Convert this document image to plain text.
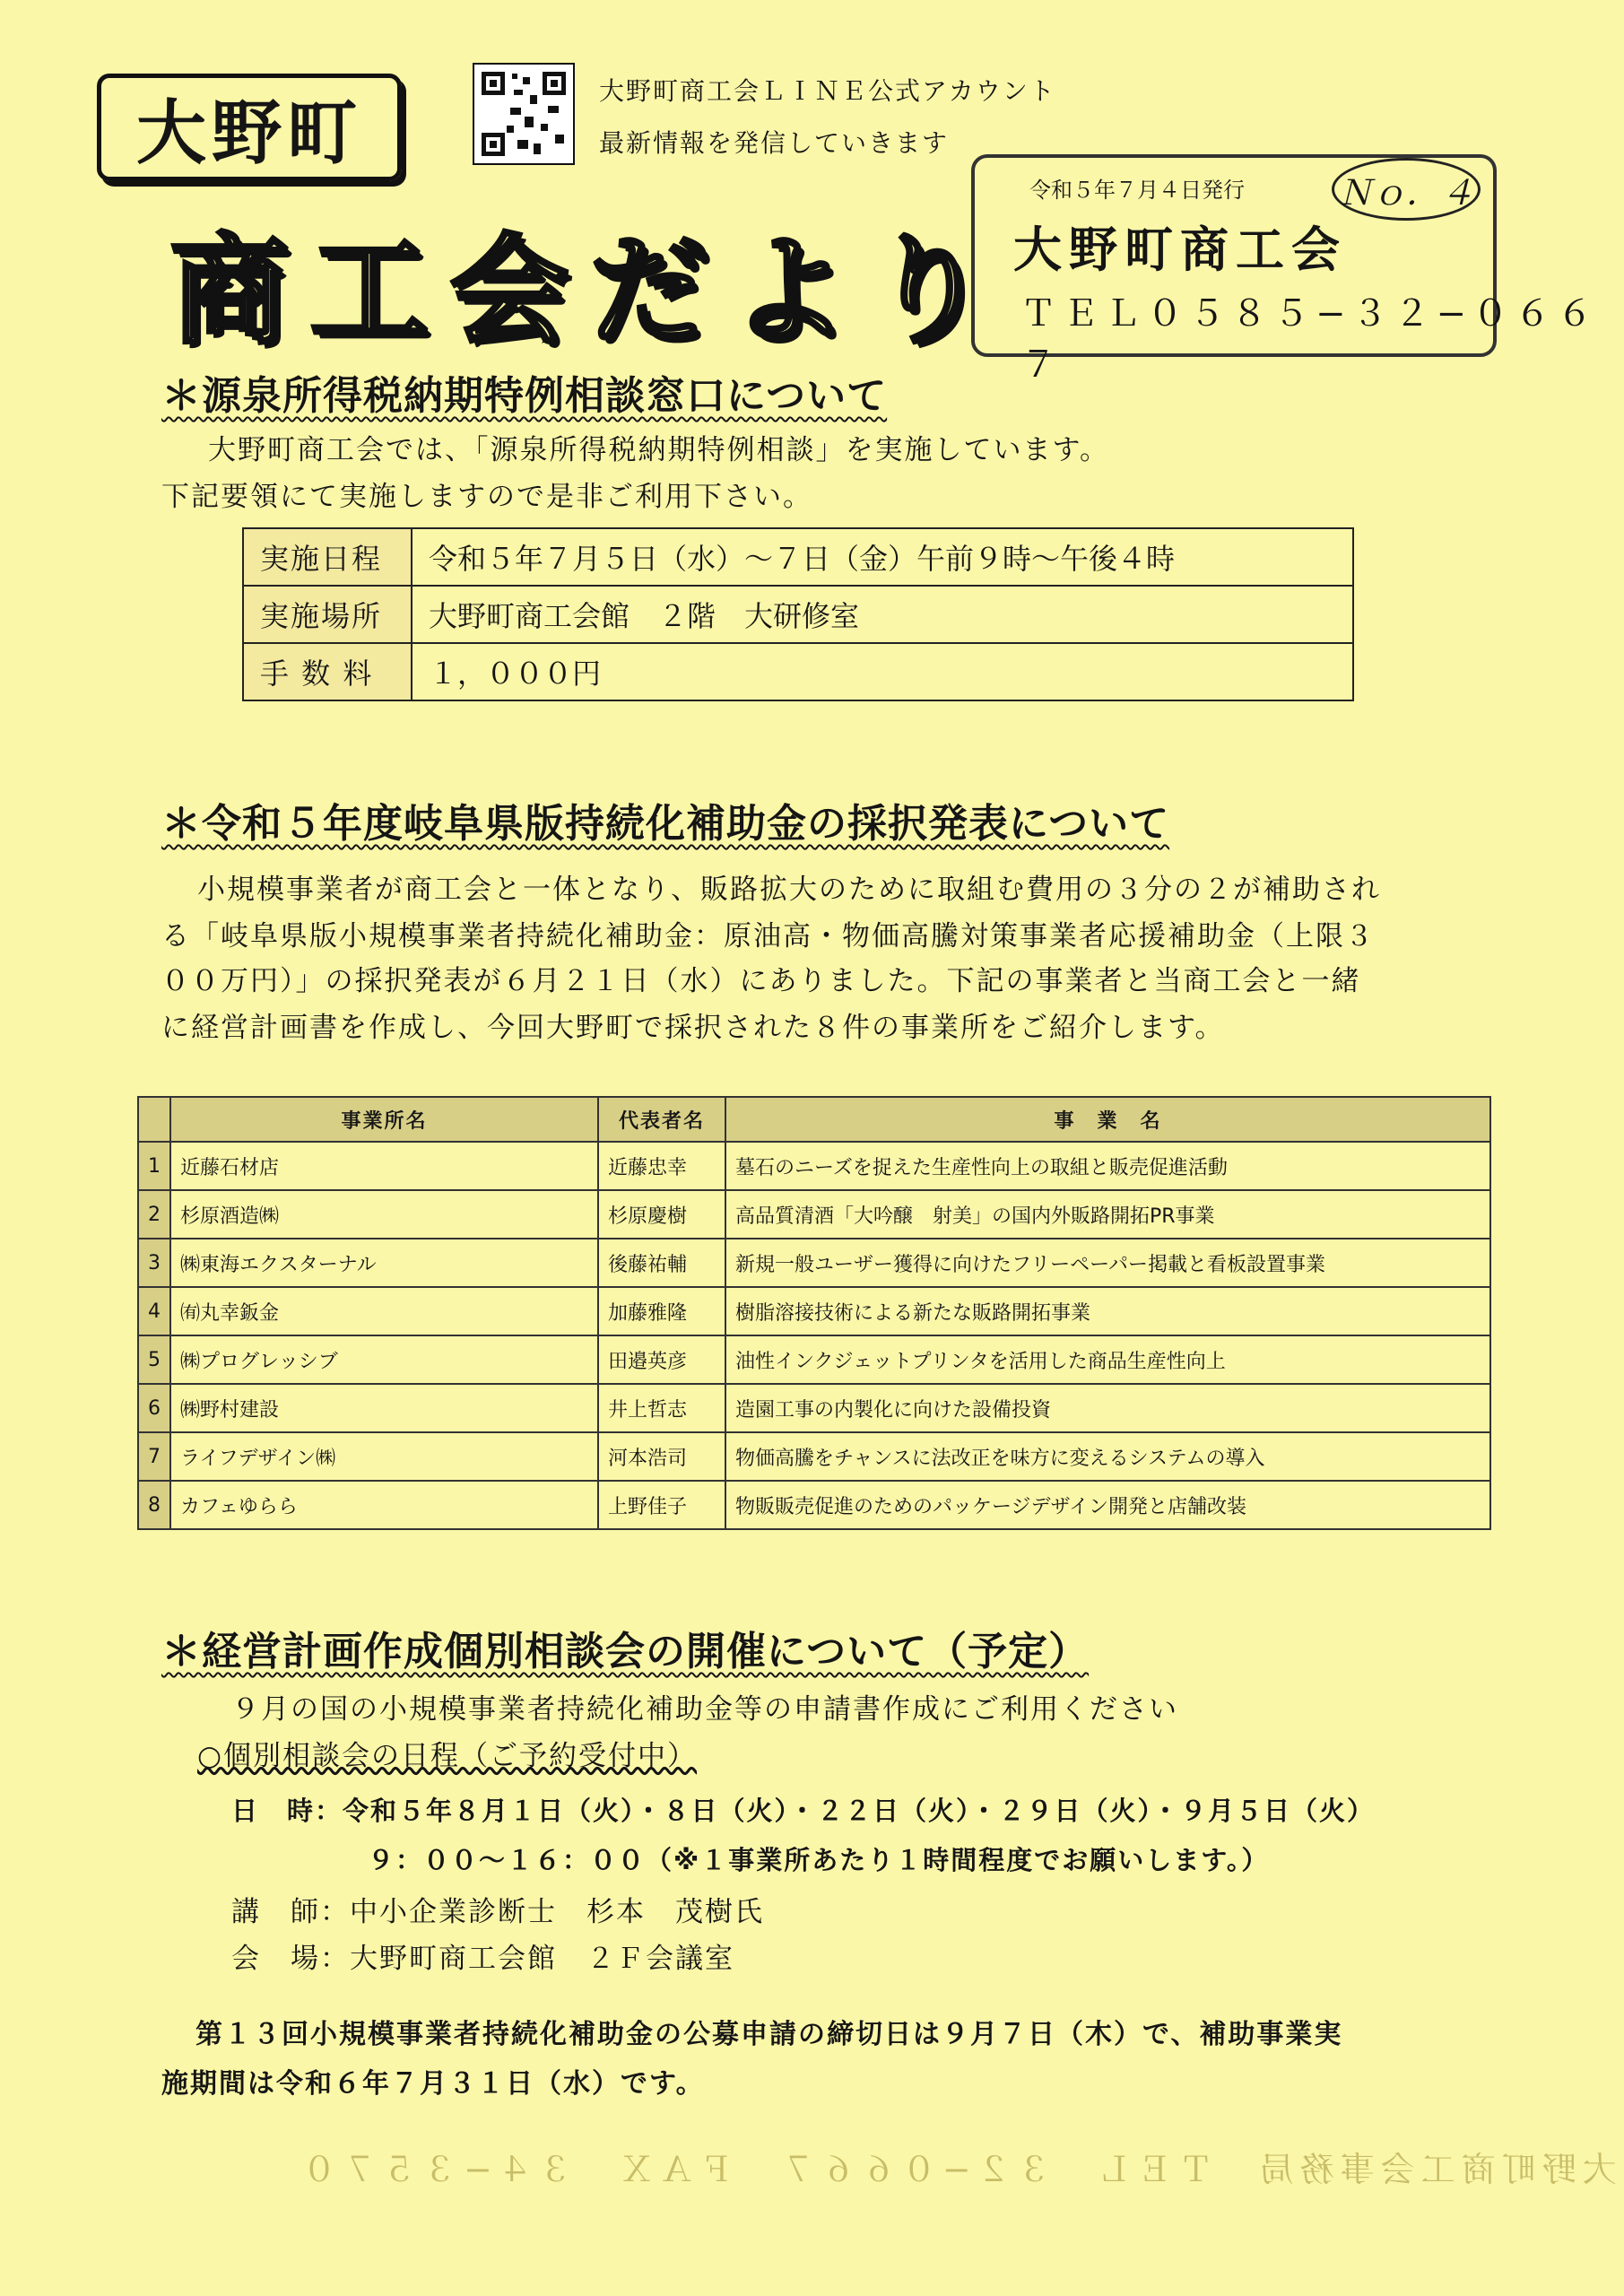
大野町
商工会だより
大野町商工会ＬＩＮＥ公式アカウント
最新情報を発信していきます
令和５年７月４日発行	Ｎｏ．４
大野町商工会
ＴＥＬ０５８５−３２−０６６７
＊源泉所得税納期特例相談窓口について
大野町商工会では、「源泉所得税納期特例相談」を実施しています。
下記要領にて実施しますので是非ご利用下さい。
実施日程	令和５年７月５日（水）〜７日（金）午前９時〜午後４時
実施場所	大野町商工会館　２階　大研修室
手 数 料	１，０００円
＊令和５年度岐阜県版持続化補助金の採択発表について
小規模事業者が商工会と一体となり、販路拡大のために取組む費用の３分の２が補助され
る「岐阜県版小規模事業者持続化補助金：原油高・物価高騰対策事業者応援補助金（上限３
００万円）」の採択発表が６月２１日（水）にありました。下記の事業者と当商工会と一緒
に経営計画書を作成し、今回大野町で採択された８件の事業所をご紹介します。
	事業所名	代表者名	事　業　名
1	近藤石材店	近藤忠幸	墓石のニーズを捉えた生産性向上の取組と販売促進活動
2	杉原酒造㈱	杉原慶樹	高品質清酒「大吟醸　射美」の国内外販路開拓PR事業
3	㈱東海エクスターナル	後藤祐輔	新規一般ユーザー獲得に向けたフリーペーパー掲載と看板設置事業
4	㈲丸幸鈑金	加藤雅隆	樹脂溶接技術による新たな販路開拓事業
5	㈱プログレッシブ	田邉英彦	油性インクジェットプリンタを活用した商品生産性向上
6	㈱野村建設	井上哲志	造園工事の内製化に向けた設備投資
7	ライフデザイン㈱	河本浩司	物価高騰をチャンスに法改正を味方に変えるシステムの導入
8	カフェゆらら	上野佳子	物販販売促進のためのパッケージデザイン開発と店舗改装
＊経営計画作成個別相談会の開催について（予定）
９月の国の小規模事業者持続化補助金等の申請書作成にご利用ください
○個別相談会の日程（ご予約受付中）
日　時：令和５年８月１日（火）・８日（火）・２２日（火）・２９日（火）・９月５日（火）
９：００〜１６：００（※１事業所あたり１時間程度でお願いします。）
講　師：中小企業診断士　杉本　茂樹氏
会　場：大野町商工会館　２Ｆ会議室
第１３回小規模事業者持続化補助金の公募申請の締切日は９月７日（木）で、補助事業実
施期間は令和６年７月３１日（水）です。
大野町商工会事務局　ＴＥＬ　３２−０６６７　ＦＡＸ　３４−３５７０
